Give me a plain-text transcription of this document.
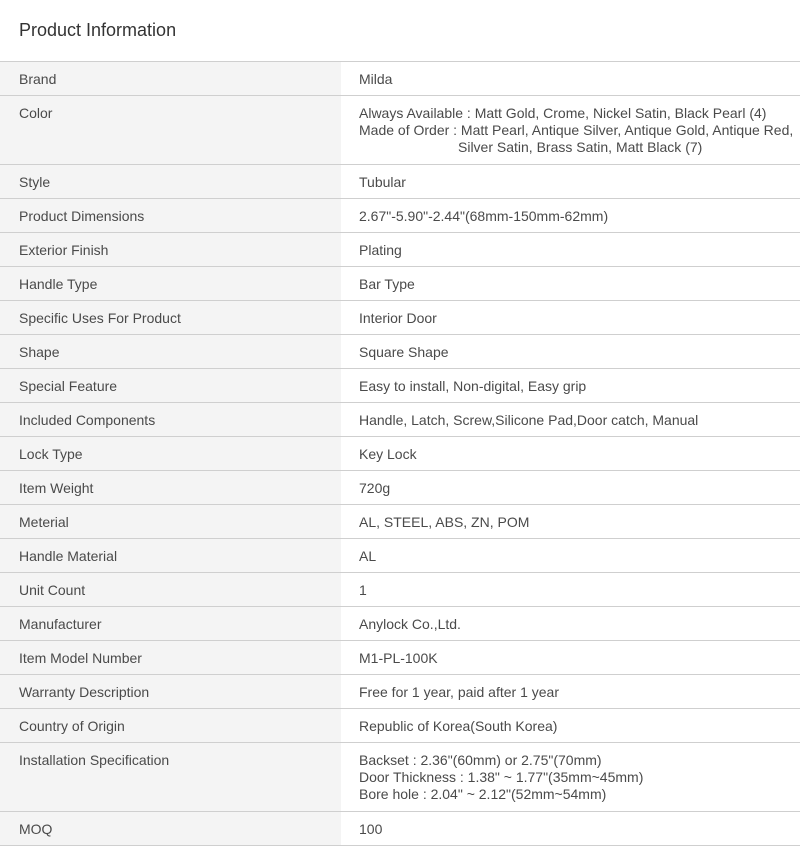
Product Information
Brand	Milda
Color	Always Available : Matt Gold, Crome, Nickel Satin, Black Pearl (4)
Made of Order : Matt Pearl, Antique Silver, Antique Gold, Antique Red,
Silver Satin, Brass Satin, Matt Black (7)

Style	Tubular
Product Dimensions	2.67"-5.90"-2.44"(68mm-150mm-62mm)
Exterior Finish	Plating
Handle Type	Bar Type
Specific Uses For Product	Interior Door
Shape	Square Shape
Special Feature	Easy to install, Non-digital, Easy grip
Included Components	Handle, Latch, Screw,Silicone Pad,Door catch, Manual
Lock Type	Key Lock
Item Weight	720g
Meterial	AL, STEEL, ABS, ZN, POM
Handle Material	AL
Unit Count	1
Manufacturer	Anylock Co.,Ltd.
Item Model Number	M1-PL-100K
Warranty Description	Free for 1 year, paid after 1 year
Country of Origin	Republic of Korea(South Korea)
Installation Specification	Backset : 2.36"(60mm) or 2.75"(70mm)
Door Thickness : 1.38" ~ 1.77"(35mm~45mm)
Bore hole : 2.04" ~ 2.12"(52mm~54mm)

MOQ	100
